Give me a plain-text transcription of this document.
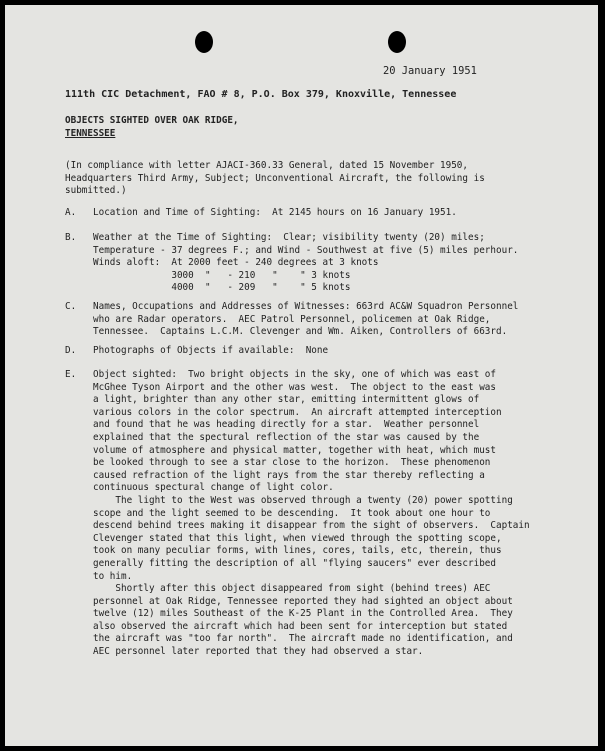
20 January 1951
111th CIC Detachment, FAO # 8, P.O. Box 379, Knoxville, Tennessee
OBJECTS SIGHTED OVER OAK RIDGE,
TENNESSEE
(In compliance with letter AJACI-360.33 General, dated 15 November 1950,
Headquarters Third Army, Subject; Unconventional Aircraft, the following is
submitted.)
A. Location and Time of Sighting:  At 2145 hours on 16 January 1951.
B. Weather at the Time of Sighting:  Clear; visibility twenty (20) miles;
Temperature - 37 degrees F.; and Wind - Southwest at five (5) miles perhour.
Winds aloft:  At 2000 feet - 240 degrees at 3 knots
3000  "   - 210   "    " 3 knots
4000  "   - 209   "    " 5 knots
C. Names, Occupations and Addresses of Witnesses: 663rd AC&W Squadron Personnel
who are Radar operators.  AEC Patrol Personnel, policemen at Oak Ridge,
Tennessee.  Captains L.C.M. Clevenger and Wm. Aiken, Controllers of 663rd.
D. Photographs of Objects if available:  None
E. Object sighted:  Two bright objects in the sky, one of which was east of
McGhee Tyson Airport and the other was west.  The object to the east was
a light, brighter than any other star, emitting intermittent glows of
various colors in the color spectrum.  An aircraft attempted interception
and found that he was heading directly for a star.  Weather personnel
explained that the spectural reflection of the star was caused by the
volume of atmosphere and physical matter, together with heat, which must
be looked through to see a star close to the horizon.  These phenomenon
caused refraction of the light rays from the star thereby reflecting a
continuous spectural change of light color.
The light to the West was observed through a twenty (20) power spotting
scope and the light seemed to be descending.  It took about one hour to
descend behind trees making it disappear from the sight of observers.  Captain
Clevenger stated that this light, when viewed through the spotting scope,
took on many peculiar forms, with lines, cores, tails, etc, therein, thus
generally fitting the description of all "flying saucers" ever described
to him.
Shortly after this object disappeared from sight (behind trees) AEC
personnel at Oak Ridge, Tennessee reported they had sighted an object about
twelve (12) miles Southeast of the K-25 Plant in the Controlled Area.  They
also observed the aircraft which had been sent for interception but stated
the aircraft was "too far north".  The aircraft made no identification, and
AEC personnel later reported that they had observed a star.
